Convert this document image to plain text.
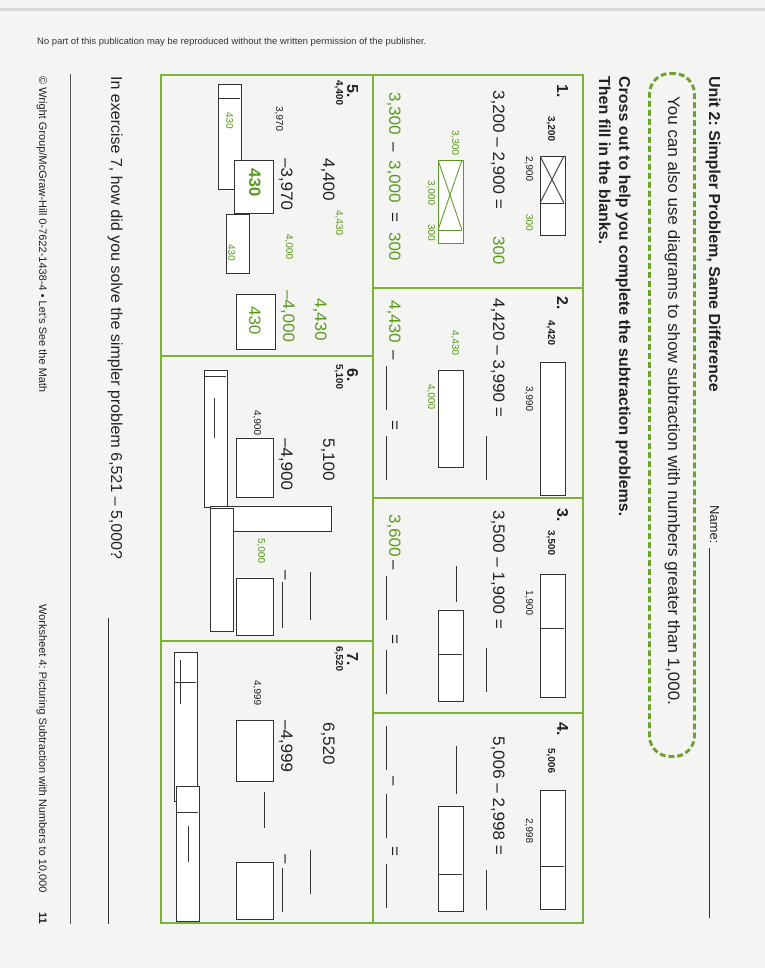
No part of this publication may be reproduced without the written permission of the publisher.
Unit 2: Simpler Problem, Same Difference
Name:
You can also use diagrams to show subtraction with numbers greater than 1,000.
Cross out to help you complete the subtraction problems.
Then fill in the blanks.
1.
3,200
2,900
300
3,200 – 2,900 =
300
3,300
3,000
300
3,300
–
3,000
=
300
2.
4,420
3,990
4,420 – 3,990 =
4,430
4,000
4,430
–
=
3.
3,500
1,900
3,500 – 1,900 =
3,600
–
=
4.
5,006
2,998
5,006 – 2,998 =
–
=
5.
4,400
3,970
430
4,400
–3,970
430
4,430
4,000
430
4,430
–4,000
430
6.
5,100
4,900
5,100
–4,900
5,000
–
7.
6,520
4,999
6,520
–4,999
–
In exercise 7, how did you solve the simpler problem 6,521 – 5,000?
© Wright Group/McGraw-Hill 0-7622-1438-4 • Let’s See the Math
Worksheet 4: Picturing Subtraction with Numbers to 10,000
11
